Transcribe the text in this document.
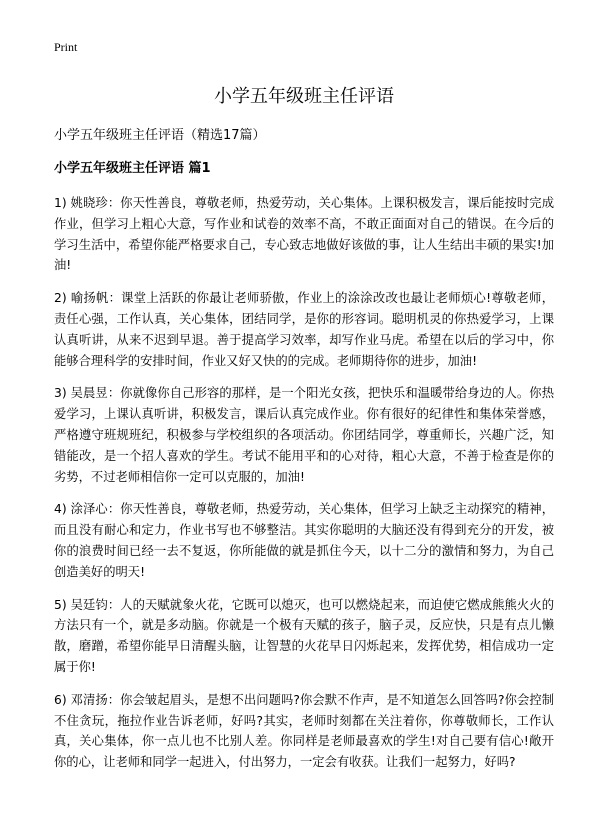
Print
小学五年级班主任评语
小学五年级班主任评语（精选17篇）
小学五年级班主任评语 篇1

1) 姚晓珍：你天性善良，尊敬老师，热爱劳动，关心集体。上课积极发言，课后能按时完成作业，但学习上粗心大意，写作业和试卷的效率不高，不敢正面面对自己的错误。在今后的学习生活中，希望你能严格要求自己，专心致志地做好该做的事，让人生结出丰硕的果实!加油!

2) 喻扬帆：课堂上活跃的你最让老师骄傲，作业上的涂涂改改也最让老师烦心!尊敬老师，责任心强，工作认真，关心集体，团结同学，是你的形容词。聪明机灵的你热爱学习，上课认真听讲，从来不迟到早退。善于提高学习效率，却写作业马虎。希望在以后的学习中，你能够合理科学的安排时间，作业又好又快的的完成。老师期待你的进步，加油!

3) 吴晨昱：你就像你自己形容的那样，是一个阳光女孩，把快乐和温暖带给身边的人。你热爱学习，上课认真听讲，积极发言，课后认真完成作业。你有很好的纪律性和集体荣誉感，严格遵守班规班纪，积极参与学校组织的各项活动。你团结同学，尊重师长，兴趣广泛，知错能改，是一个招人喜欢的学生。考试不能用平和的心对待，粗心大意，不善于检查是你的劣势，不过老师相信你一定可以克服的，加油!

4) 涂泽心：你天性善良，尊敬老师，热爱劳动，关心集体，但学习上缺乏主动探究的精神，而且没有耐心和定力，作业书写也不够整洁。其实你聪明的大脑还没有得到充分的开发，被你的浪费时间已经一去不复返，你所能做的就是抓住今天，以十二分的激情和努力，为自己创造美好的明天!

5) 吴廷钧：人的天赋就象火花，它既可以熄灭，也可以燃烧起来，而迫使它燃成熊熊火火的方法只有一个，就是多动脑。你就是一个极有天赋的孩子，脑子灵，反应快，只是有点儿懒散，磨蹭，希望你能早日清醒头脑，让智慧的火花早日闪烁起来，发挥优势，相信成功一定属于你!

6) 邓清扬：你会皱起眉头，是想不出问题吗?你会默不作声，是不知道怎么回答吗?你会控制不住贪玩，拖拉作业告诉老师，好吗?其实，老师时刻都在关注着你，你尊敬师长，工作认真，关心集体，你一点儿也不比别人差。你同样是老师最喜欢的学生!对自己要有信心!敞开你的心，让老师和同学一起进入，付出努力，一定会有收获。让我们一起努力，好吗?
